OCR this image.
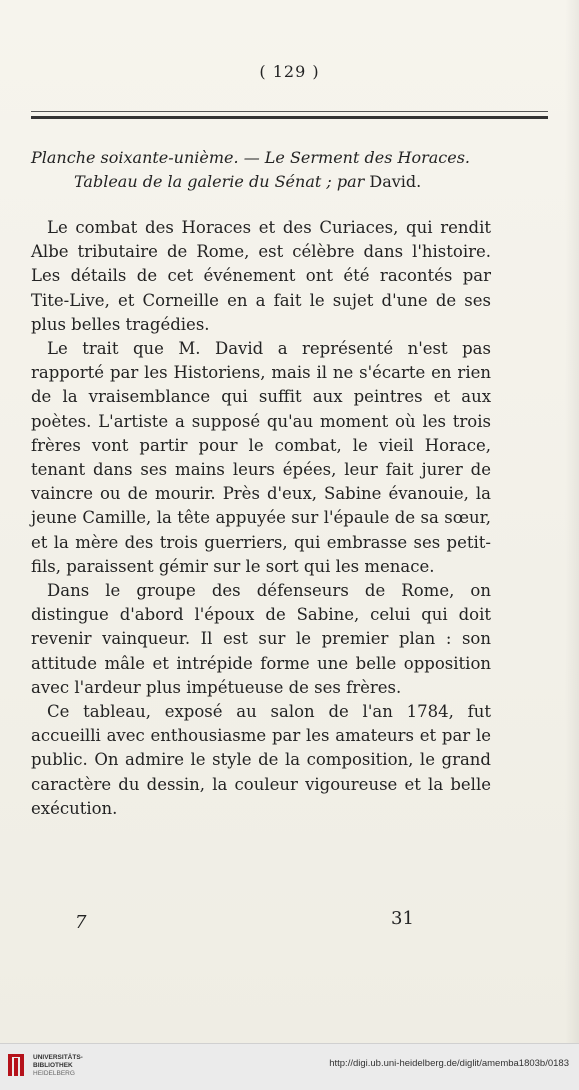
( 129 )
Planche soixante-unième. — Le Serment des Horaces.
Tableau de la galerie du Sénat ; par David.

Le combat des Horaces et des Curiaces, qui rendit Albe tributaire de Rome, est célèbre dans l'histoire. Les détails de cet événement ont été racontés par Tite-Live, et Corneille en a fait le sujet d'une de ses plus belles tragédies.

Le trait que M. David a représenté n'est pas rapporté par les Historiens, mais il ne s'écarte en rien de la vraisemblance qui suffit aux peintres et aux poètes. L'artiste a supposé qu'au moment où les trois frères vont partir pour le combat, le vieil Horace, tenant dans ses mains leurs épées, leur fait jurer de vaincre ou de mourir. Près d'eux, Sabine évanouie, la jeune Camille, la tête appuyée sur l'épaule de sa sœur, et la mère des trois guerriers, qui embrasse ses petit-fils, paraissent gémir sur le sort qui les menace.

Dans le groupe des défenseurs de Rome, on distingue d'abord l'époux de Sabine, celui qui doit revenir vainqueur. Il est sur le premier plan : son attitude mâle et intrépide forme une belle opposition avec l'ardeur plus impétueuse de ses frères.

Ce tableau, exposé au salon de l'an 1784, fut accueilli avec enthousiasme par les amateurs et par le public. On admire le style de la composition, le grand caractère du dessin, la couleur vigoureuse et la belle exécution.

7	31
UNIVERSITÄTS-
BIBLIOTHEK
HEIDELBERG
http://digi.ub.uni-heidelberg.de/diglit/amemba1803b/0183
